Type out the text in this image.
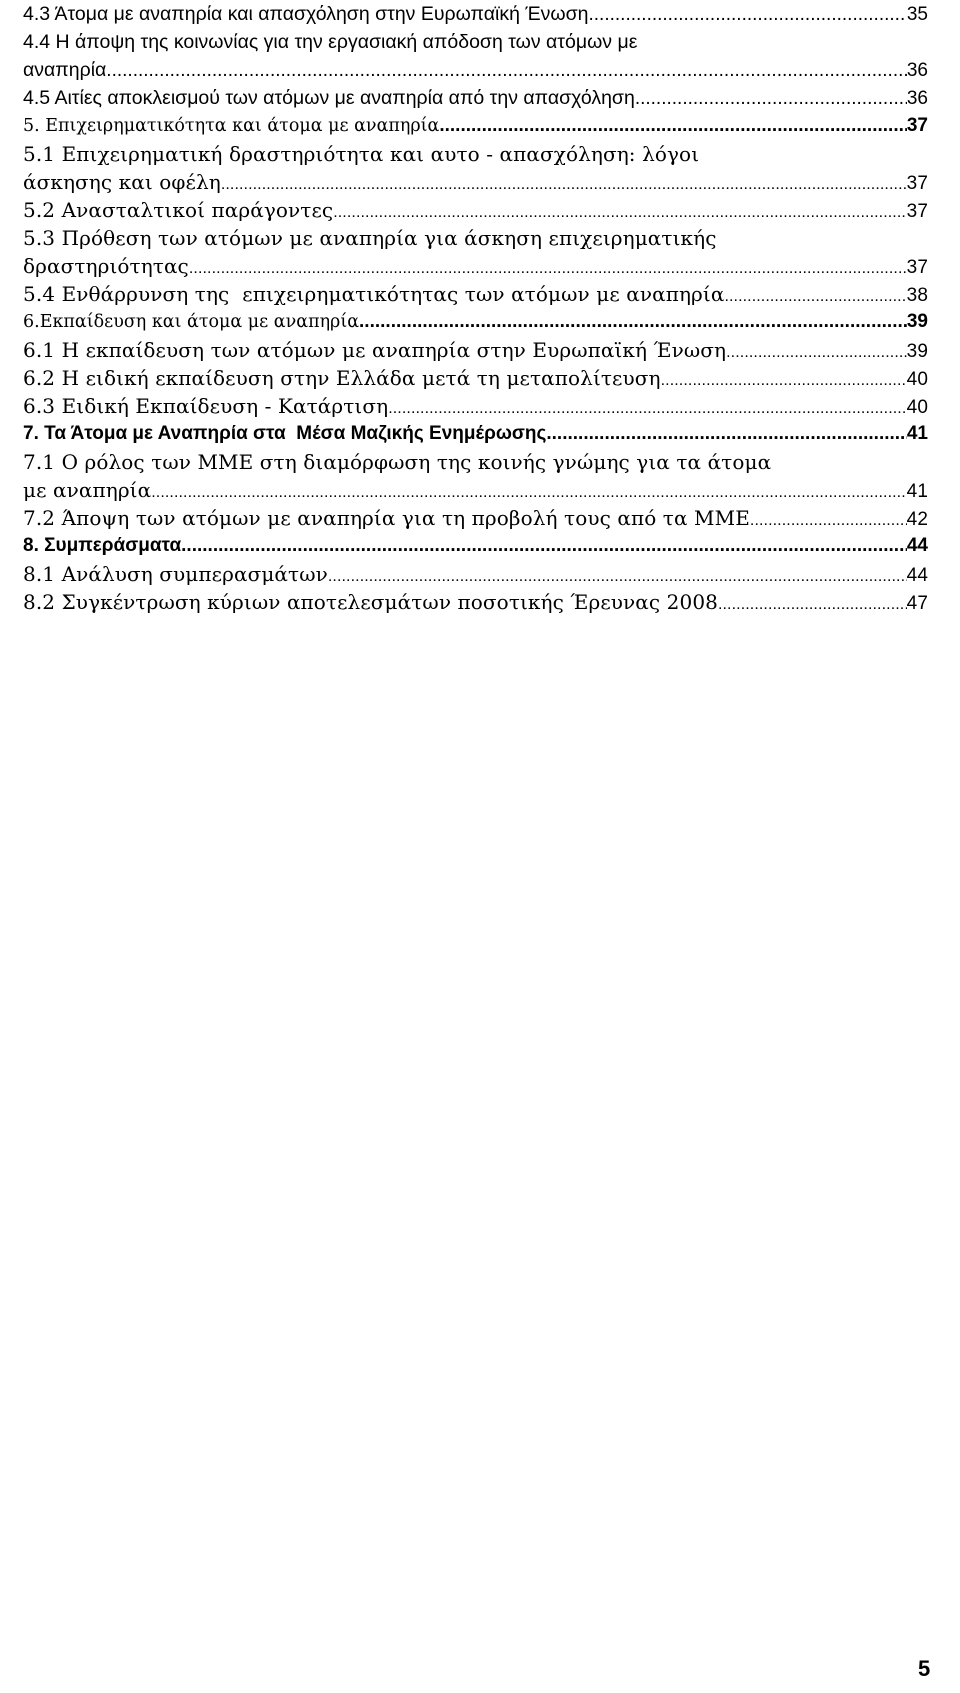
4.3 Άτομα με αναπηρία και απασχόληση στην Ευρωπαϊκή Ένωση .....	35
4.4 Η άποψη της κοινωνίας για την εργασιακή απόδοση των ατόμων με
αναπηρία .....	36
4.5 Αιτίες αποκλεισμού των ατόμων με αναπηρία από την απασχόληση .....	36
5. Επιχειρηματικότητα και άτομα με αναπηρία .....	37
5.1 Επιχειρηματική δραστηριότητα και αυτο - απασχόληση: λόγοι
άσκησης και οφέλη .....	37
5.2 Ανασταλτικοί παράγοντες .....	37
5.3 Πρόθεση των ατόμων με αναπηρία για άσκηση επιχειρηματικής
δραστηριότητας .....	37
5.4 Ενθάρρυνση της  επιχειρηματικότητας των ατόμων με αναπηρία .....	38
6.Εκπαίδευση και άτομα με αναπηρία .....	39
6.1 Η εκπαίδευση των ατόμων με αναπηρία στην Ευρωπαϊκή Ένωση .....	39
6.2 Η ειδική εκπαίδευση στην Ελλάδα μετά τη μεταπολίτευση .....	40
6.3 Ειδική Εκπαίδευση - Κατάρτιση .....	40
7. Τα Άτομα με Αναπηρία στα  Μέσα Μαζικής Ενημέρωσης .....	41
7.1 Ο ρόλος των ΜΜΕ στη διαμόρφωση της κοινής γνώμης για τα άτομα
με αναπηρία .....	41
7.2 Άποψη των ατόμων με αναπηρία για τη προβολή τους από τα ΜΜΕ .....	42
8. Συμπεράσματα .....	44
8.1 Ανάλυση συμπερασμάτων .....	44
8.2 Συγκέντρωση κύριων αποτελεσμάτων ποσοτικής Έρευνας 2008 .....	47
5
